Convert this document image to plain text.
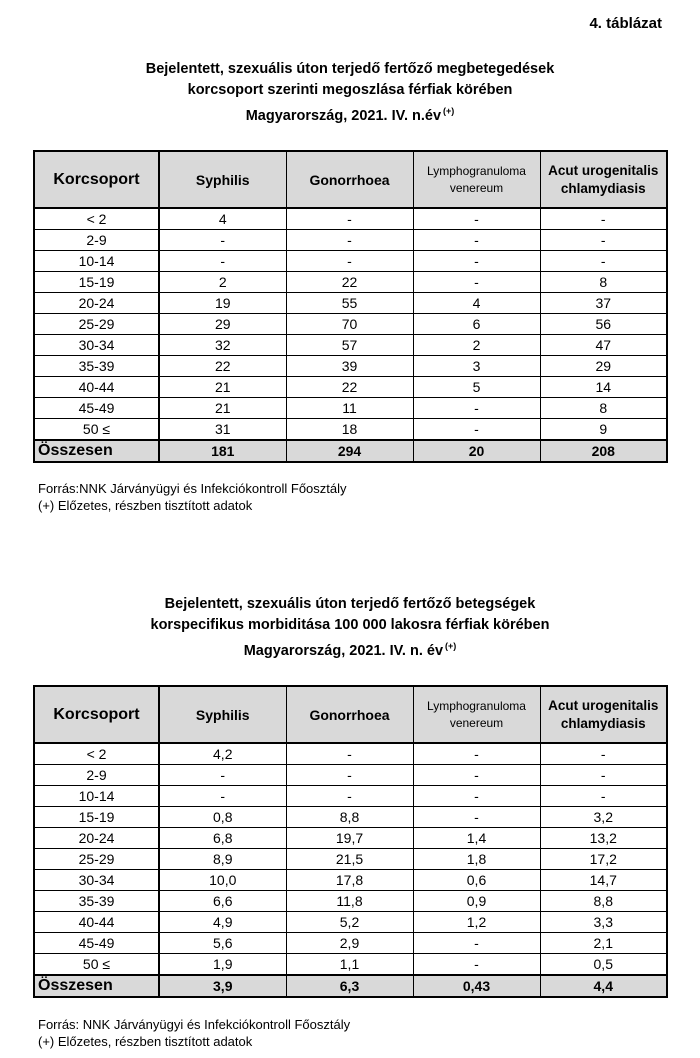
4. táblázat
Bejelentett, szexuális úton terjedő fertőző megbetegedések
korcsoport szerinti megoszlása férfiak körében
Magyarország, 2021. IV. n.év (+)
Korcsoport	Syphilis	Gonorrhoea	Lymphogranuloma venereum	Acut urogenitalis chlamydiasis
< 2	4	-	-	-
2-9	-	-	-	-
10-14	-	-	-	-
15-19	2	22	-	8
20-24	19	55	4	37
25-29	29	70	6	56
30-34	32	57	2	47
35-39	22	39	3	29
40-44	21	22	5	14
45-49	21	11	-	8
50 ≤	31	18	-	9
Összesen	181	294	20	208
Forrás:NNK Járványügyi és Infekciókontroll Főosztály
(+) Előzetes, részben tisztított adatok
Bejelentett, szexuális úton terjedő fertőző betegségek
korspecifikus morbiditása 100 000 lakosra férfiak körében
Magyarország, 2021. IV. n. év (+)
Korcsoport	Syphilis	Gonorrhoea	Lymphogranuloma venereum	Acut urogenitalis chlamydiasis
< 2	4,2	-	-	-
2-9	-	-	-	-
10-14	-	-	-	-
15-19	0,8	8,8	-	3,2
20-24	6,8	19,7	1,4	13,2
25-29	8,9	21,5	1,8	17,2
30-34	10,0	17,8	0,6	14,7
35-39	6,6	11,8	0,9	8,8
40-44	4,9	5,2	1,2	3,3
45-49	5,6	2,9	-	2,1
50 ≤	1,9	1,1	-	0,5
Összesen	3,9	6,3	0,43	4,4
Forrás: NNK Járványügyi és Infekciókontroll Főosztály
(+) Előzetes, részben tisztított adatok
